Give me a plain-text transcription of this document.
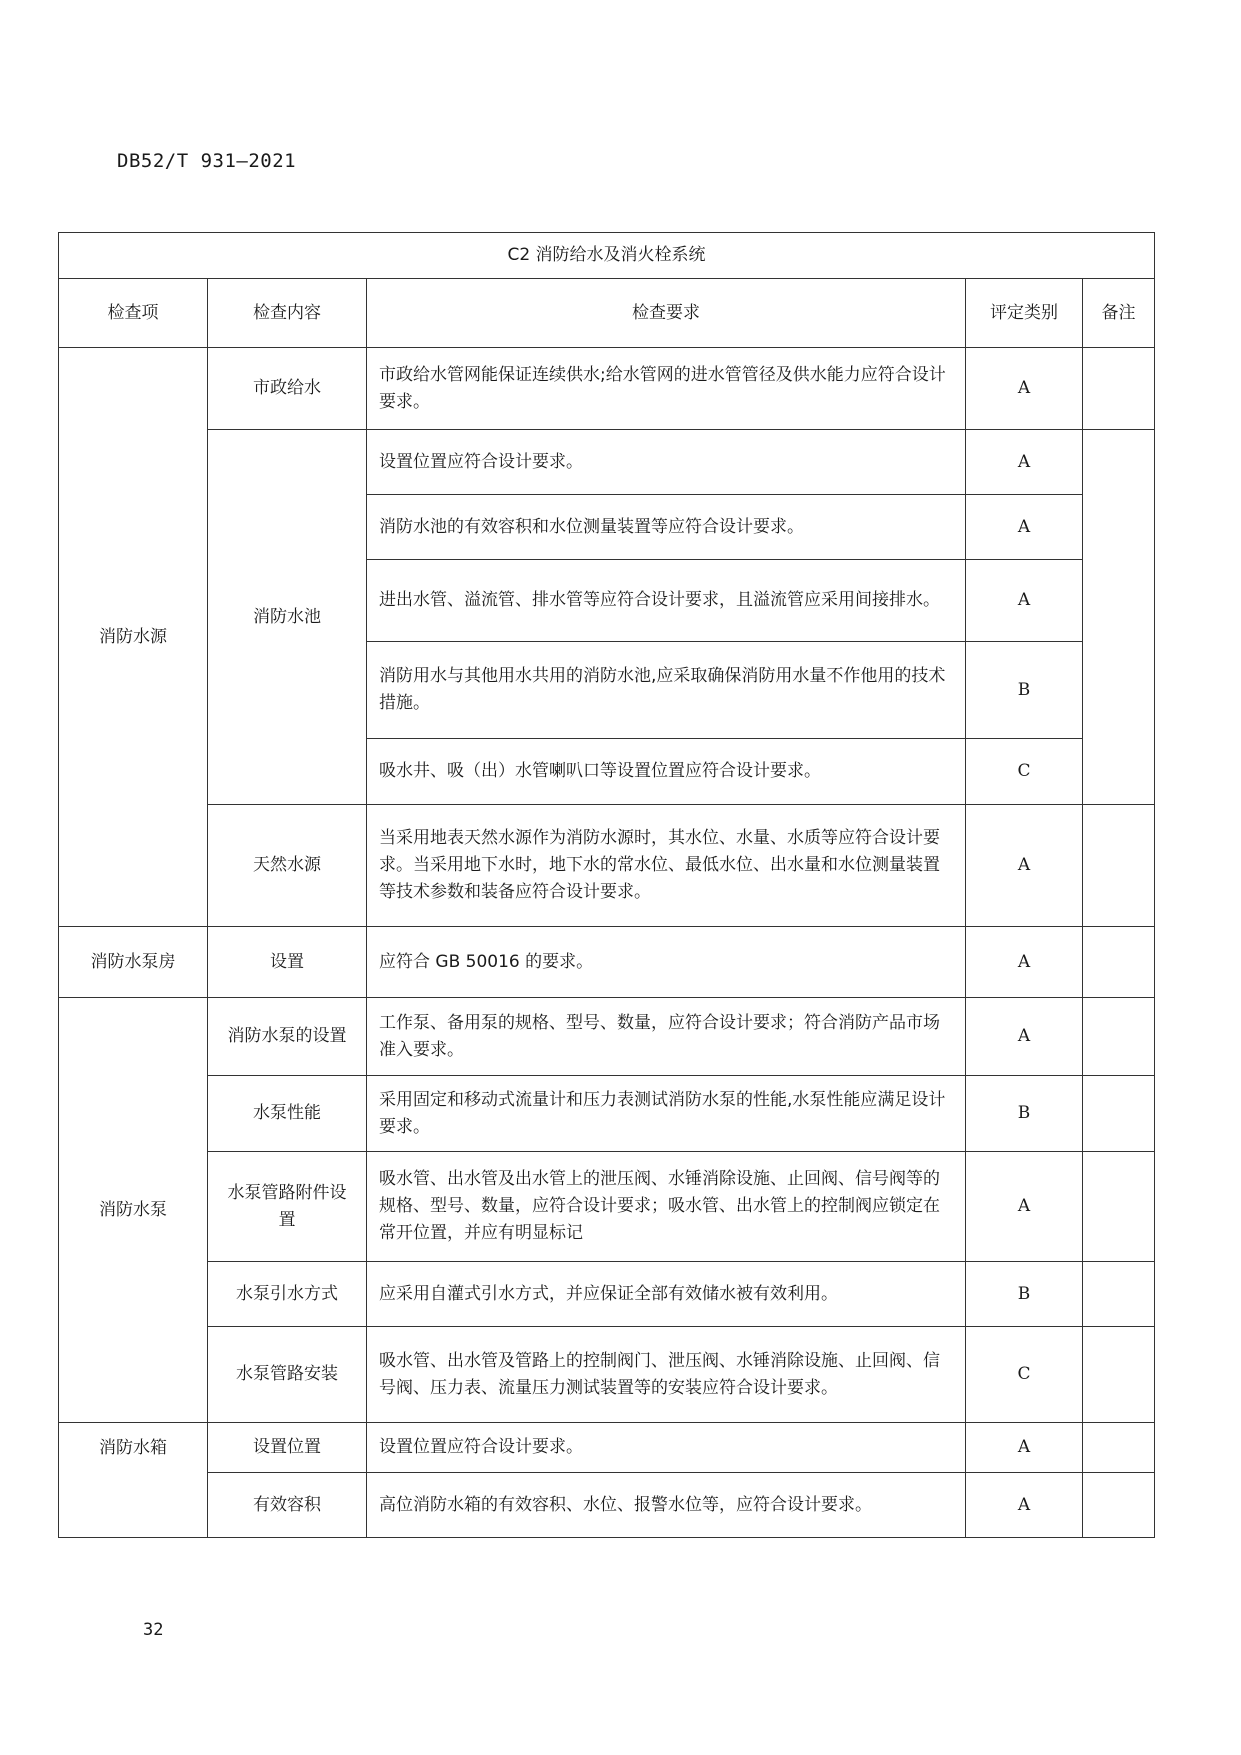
DB52/T 931—2021
C2 消防给水及消火栓系统				
检查项	检查内容	检查要求	评定类别	备注
消防水源	市政给水	市政给水管网能保证连续供水;给水管网的进水管管径及供水能力应符合设计要求。	A	
	消防水池	设置位置应符合设计要求。	A	
		消防水池的有效容积和水位测量装置等应符合设计要求。	A	
		进出水管、溢流管、排水管等应符合设计要求，且溢流管应采用间接排水。	A	
		消防用水与其他用水共用的消防水池,应采取确保消防用水量不作他用的技术措施。	B	
		吸水井、吸（出）水管喇叭口等设置位置应符合设计要求。	C	
	天然水源	当采用地表天然水源作为消防水源时，其水位、水量、水质等应符合设计要求。当采用地下水时，地下水的常水位、最低水位、出水量和水位测量装置等技术参数和装备应符合设计要求。	A	
消防水泵房	设置	应符合 GB 50016 的要求。	A	
消防水泵	消防水泵的设置	工作泵、备用泵的规格、型号、数量，应符合设计要求；符合消防产品市场准入要求。	A	
	水泵性能	采用固定和移动式流量计和压力表测试消防水泵的性能,水泵性能应满足设计要求。	B	
	水泵管路附件设置	吸水管、出水管及出水管上的泄压阀、水锤消除设施、止回阀、信号阀等的规格、型号、数量，应符合设计要求；吸水管、出水管上的控制阀应锁定在常开位置，并应有明显标记	A	
	水泵引水方式	应采用自灌式引水方式，并应保证全部有效储水被有效利用。	B	
	水泵管路安装	吸水管、出水管及管路上的控制阀门、泄压阀、水锤消除设施、止回阀、信号阀、压力表、流量压力测试装置等的安装应符合设计要求。	C	
消防水箱	设置位置	设置位置应符合设计要求。	A	
	有效容积	高位消防水箱的有效容积、水位、报警水位等，应符合设计要求。	A	
32
